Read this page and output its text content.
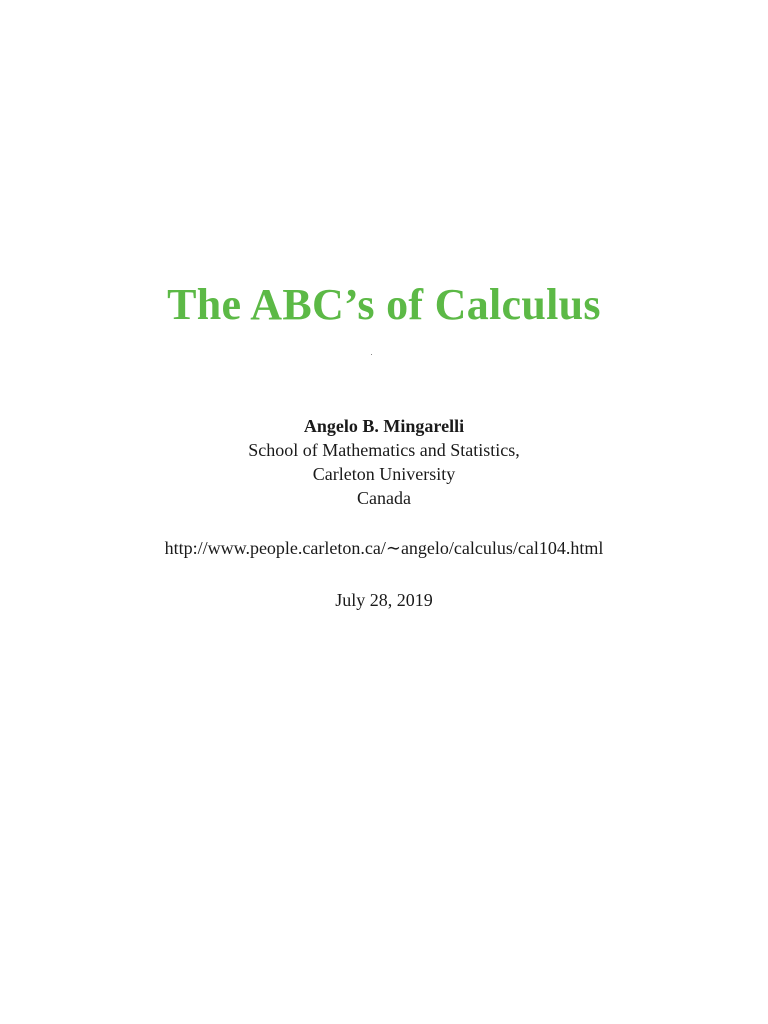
The ABC’s of Calculus
Angelo B. Mingarelli
School of Mathematics and Statistics,
Carleton University
Canada
http://www.people.carleton.ca/∼angelo/calculus/cal104.html
July 28, 2019
